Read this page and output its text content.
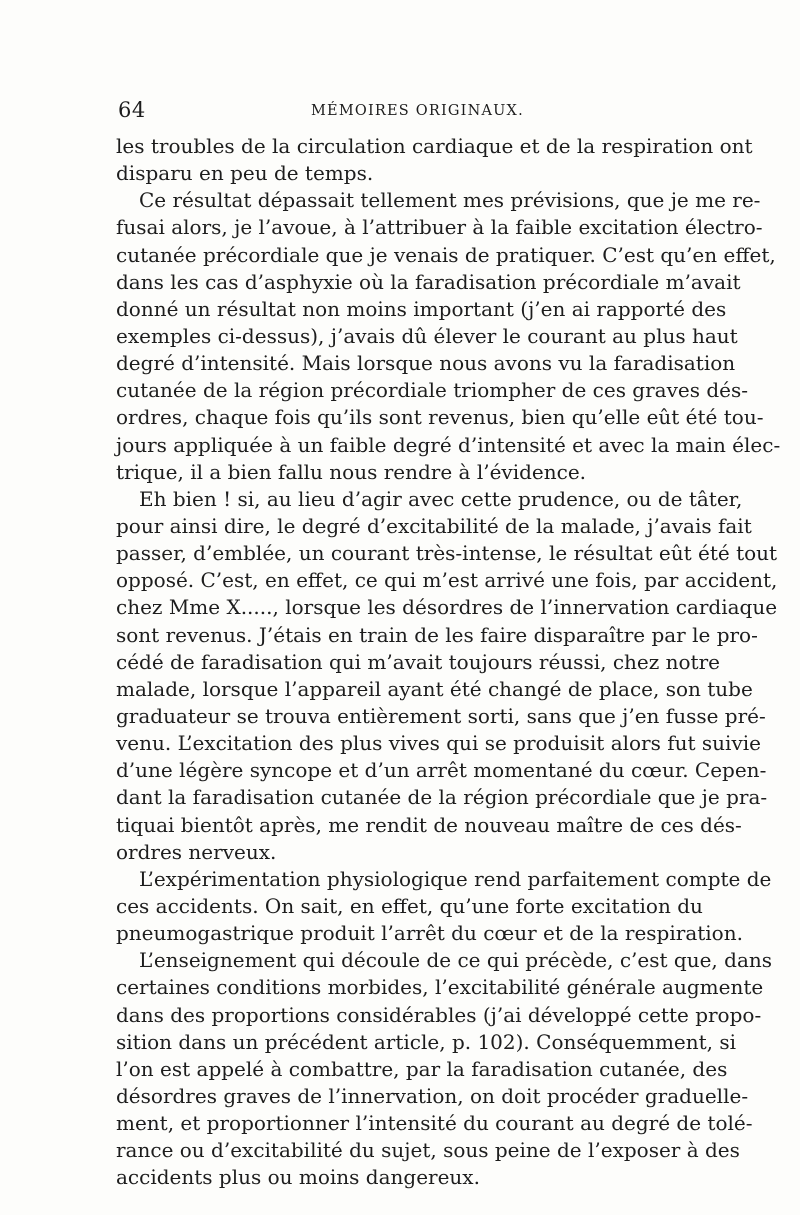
64	MÉMOIRES ORIGINAUX.
les troubles de la circulation cardiaque et de la respiration ont
disparu en peu de temps.
Ce résultat dépassait tellement mes prévisions, que je me re-
fusai alors, je l’avoue, à l’attribuer à la faible excitation électro-
cutanée précordiale que je venais de pratiquer. C’est qu’en effet,
dans les cas d’asphyxie où la faradisation précordiale m’avait
donné un résultat non moins important (j’en ai rapporté des
exemples ci-dessus), j’avais dû élever le courant au plus haut
degré d’intensité. Mais lorsque nous avons vu la faradisation
cutanée de la région précordiale triompher de ces graves dés-
ordres, chaque fois qu’ils sont revenus, bien qu’elle eût été tou-
jours appliquée à un faible degré d’intensité et avec la main élec-
trique, il a bien fallu nous rendre à l’évidence.
Eh bien ! si, au lieu d’agir avec cette prudence, ou de tâter,
pour ainsi dire, le degré d’excitabilité de la malade, j’avais fait
passer, d’emblée, un courant très-intense, le résultat eût été tout
opposé. C’est, en effet, ce qui m’est arrivé une fois, par accident,
chez Mme X....., lorsque les désordres de l’innervation cardiaque
sont revenus. J’étais en train de les faire disparaître par le pro-
cédé de faradisation qui m’avait toujours réussi, chez notre
malade, lorsque l’appareil ayant été changé de place, son tube
graduateur se trouva entièrement sorti, sans que j’en fusse pré-
venu. L’excitation des plus vives qui se produisit alors fut suivie
d’une légère syncope et d’un arrêt momentané du cœur. Cepen-
dant la faradisation cutanée de la région précordiale que je pra-
tiquai bientôt après, me rendit de nouveau maître de ces dés-
ordres nerveux.
L’expérimentation physiologique rend parfaitement compte de
ces accidents. On sait, en effet, qu’une forte excitation du
pneumogastrique produit l’arrêt du cœur et de la respiration.
L’enseignement qui découle de ce qui précède, c’est que, dans
certaines conditions morbides, l’excitabilité générale augmente
dans des proportions considérables (j’ai développé cette propo-
sition dans un précédent article, p. 102). Conséquemment, si
l’on est appelé à combattre, par la faradisation cutanée, des
désordres graves de l’innervation, on doit procéder graduelle-
ment, et proportionner l’intensité du courant au degré de tolé-
rance ou d’excitabilité du sujet, sous peine de l’exposer à des
accidents plus ou moins dangereux.
